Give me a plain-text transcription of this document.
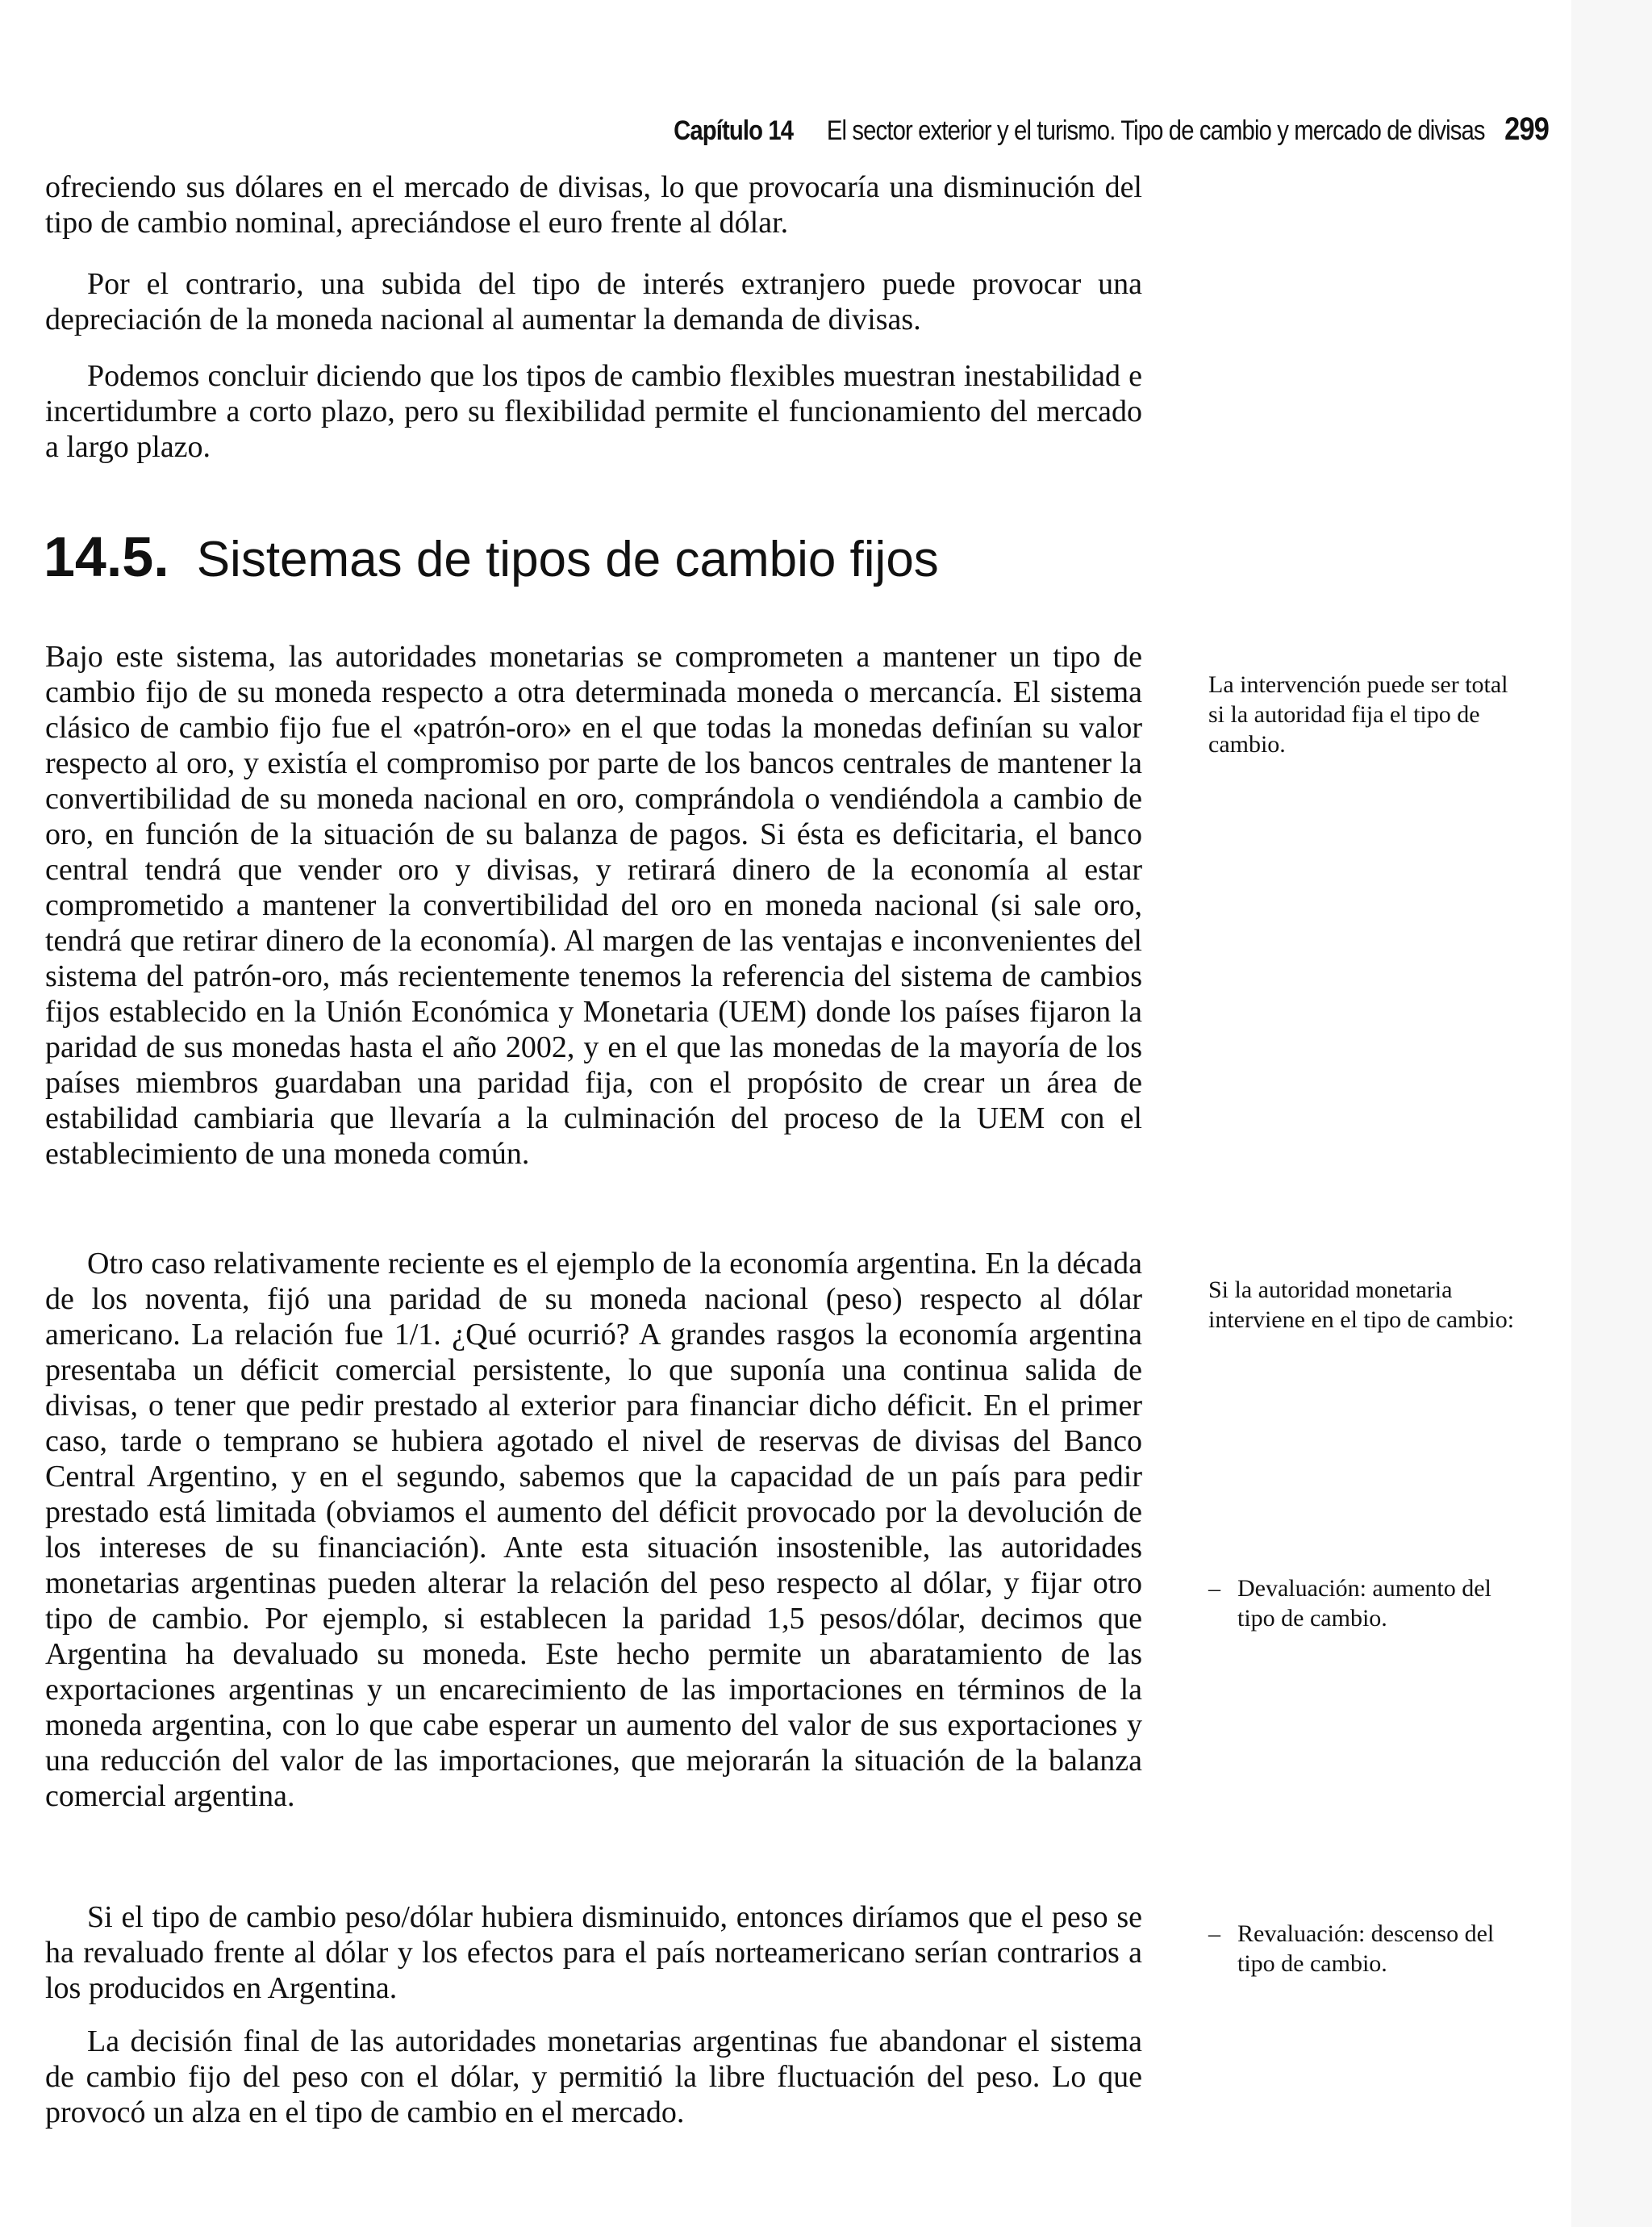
Capítulo 14 El sector exterior y el turismo. Tipo de cambio y mercado de divisas 299

ofreciendo sus dólares en el mercado de divisas, lo que provocaría una disminución del tipo de cambio nominal, apreciándose el euro frente al dólar.

Por el contrario, una subida del tipo de interés extranjero puede provocar una depreciación de la moneda nacional al aumentar la demanda de divisas.

Podemos concluir diciendo que los tipos de cambio flexibles muestran inestabilidad e incertidumbre a corto plazo, pero su flexibilidad permite el funcionamiento del mercado a largo plazo.

14.5. Sistemas de tipos de cambio fijos

Bajo este sistema, las autoridades monetarias se comprometen a mantener un tipo de cambio fijo de su moneda respecto a otra determinada moneda o mercancía. El sistema clásico de cambio fijo fue el «patrón-oro» en el que todas la monedas definían su valor respecto al oro, y existía el compromiso por parte de los bancos centrales de mantener la convertibilidad de su moneda nacional en oro, comprándola o vendiéndola a cambio de oro, en función de la situación de su balanza de pagos. Si ésta es deficitaria, el banco central tendrá que vender oro y divisas, y retirará dinero de la economía al estar comprometido a mantener la convertibilidad del oro en moneda nacional (si sale oro, tendrá que retirar dinero de la economía). Al margen de las ventajas e inconvenientes del sistema del patrón-oro, más recientemente tenemos la referencia del sistema de cambios fijos establecido en la Unión Económica y Monetaria (UEM) donde los países fijaron la paridad de sus monedas hasta el año 2002, y en el que las monedas de la mayoría de los países miembros guardaban una paridad fija, con el propósito de crear un área de estabilidad cambiaria que llevaría a la culminación del proceso de la UEM con el establecimiento de una moneda común.

Otro caso relativamente reciente es el ejemplo de la economía argentina. En la década de los noventa, fijó una paridad de su moneda nacional (peso) respecto al dólar americano. La relación fue 1/1. ¿Qué ocurrió? A grandes rasgos la economía argentina presentaba un déficit comercial persistente, lo que suponía una continua salida de divisas, o tener que pedir prestado al exterior para financiar dicho déficit. En el primer caso, tarde o temprano se hubiera agotado el nivel de reservas de divisas del Banco Central Argentino, y en el segundo, sabemos que la capacidad de un país para pedir prestado está limitada (obviamos el aumento del déficit provocado por la devolución de los intereses de su financiación). Ante esta situación insostenible, las autoridades monetarias argentinas pueden alterar la relación del peso respecto al dólar, y fijar otro tipo de cambio. Por ejemplo, si establecen la paridad 1,5 pesos/dólar, decimos que Argentina ha devaluado su moneda. Este hecho permite un abaratamiento de las exportaciones argentinas y un encarecimiento de las importaciones en términos de la moneda argentina, con lo que cabe esperar un aumento del valor de sus exportaciones y una reducción del valor de las importaciones, que mejorarán la situación de la balanza comercial argentina.

Si el tipo de cambio peso/dólar hubiera disminuido, entonces diríamos que el peso se ha revaluado frente al dólar y los efectos para el país norteamericano serían contrarios a los producidos en Argentina.

La decisión final de las autoridades monetarias argentinas fue abandonar el sistema de cambio fijo del peso con el dólar, y permitió la libre fluctuación del peso. Lo que provocó un alza en el tipo de cambio en el mercado.

La intervención puede ser total si la autoridad fija el tipo de cambio.
Si la autoridad monetaria interviene en el tipo de cambio:
– Devaluación: aumento del tipo de cambio.
– Revaluación: descenso del tipo de cambio.
